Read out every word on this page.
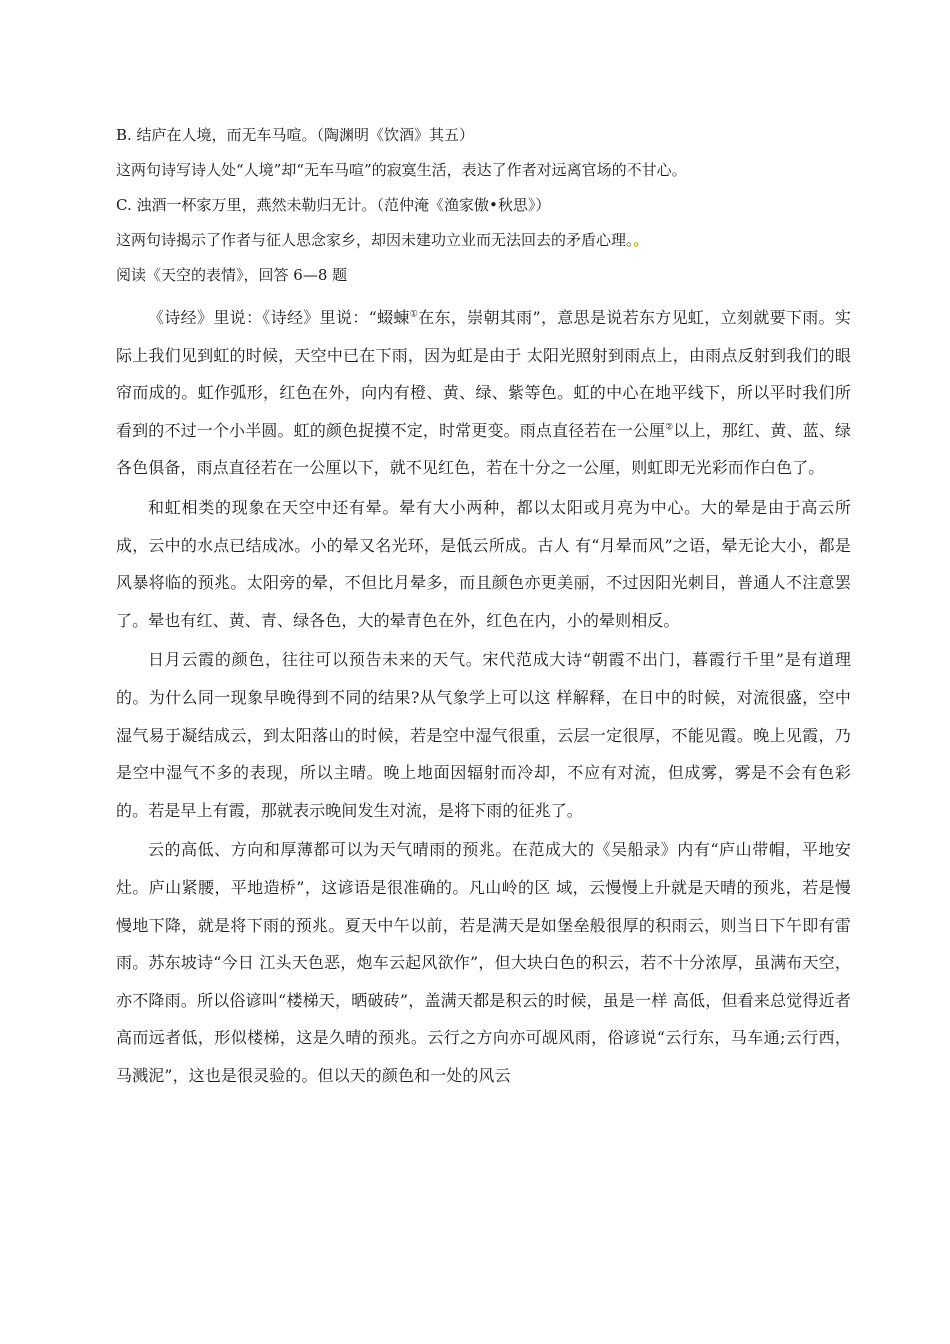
B. 结庐在人境，而无车马喧。（陶渊明《饮酒》其五）
这两句诗写诗人处“人境”却“无车马喧”的寂寞生活，表达了作者对远离官场的不甘心。
C. 浊酒一杯家万里，燕然未勒归无计。（范仲淹《渔家傲•秋思》）
这两句诗揭示了作者与征人思念家乡，却因未建功立业而无法回去的矛盾心理。。
阅读《天空的表情》，回答 6—8 题

《诗经》里说：《诗经》里说：“蝃蝀①在东，崇朝其雨”，意思是说若东方见虹，立刻就要下雨。实际上我们见到虹的时候，天空中已在下雨，因为虹是由于 太阳光照射到雨点上，由雨点反射到我们的眼帘而成的。虹作弧形，红色在外，向内有橙、黄、绿、紫等色。虹的中心在地平线下，所以平时我们所看到的不过一个小半圆。虹的颜色捉摸不定，时常更变。雨点直径若在一公厘②以上，那红、黄、蓝、绿各色俱备，雨点直径若在一公厘以下，就不见红色，若在十分之一公厘，则虹即无光彩而作白色了。

和虹相类的现象在天空中还有晕。晕有大小两种，都以太阳或月亮为中心。大的晕是由于高云所成，云中的水点已结成冰。小的晕又名光环，是低云所成。古人 有“月晕而风”之语，晕无论大小，都是风暴将临的预兆。太阳旁的晕，不但比月晕多，而且颜色亦更美丽，不过因阳光刺目，普通人不注意罢了。晕也有红、黄、青、绿各色，大的晕青色在外，红色在内，小的晕则相反。

日月云霞的颜色，往往可以预告未来的天气。宋代范成大诗“朝霞不出门，暮霞行千里”是有道理的。为什么同一现象早晚得到不同的结果?从气象学上可以这 样解释，在日中的时候，对流很盛，空中湿气易于凝结成云，到太阳落山的时候，若是空中湿气很重，云层一定很厚，不能见霞。晚上见霞，乃是空中湿气不多的表现，所以主晴。晚上地面因辐射而冷却，不应有对流，但成雾，雾是不会有色彩的。若是早上有霞，那就表示晚间发生对流，是将下雨的征兆了。

云的高低、方向和厚薄都可以为天气晴雨的预兆。在范成大的《吴船录》内有“庐山带帽，平地安灶。庐山紧腰，平地造桥”，这谚语是很准确的。凡山岭的区 域，云慢慢上升就是天晴的预兆，若是慢慢地下降，就是将下雨的预兆。夏天中午以前，若是满天是如堡垒般很厚的积雨云，则当日下午即有雷雨。苏东坡诗“今日 江头天色恶，炮车云起风欲作”，但大块白色的积云，若不十分浓厚，虽满布天空，亦不降雨。所以俗谚叫“楼梯天，晒破砖”，盖满天都是积云的时候，虽是一样 高低，但看来总觉得近者高而远者低，形似楼梯，这是久晴的预兆。云行之方向亦可觇风雨，俗谚说“云行东，马车通;云行西，马溅泥”，这也是很灵验的。但以天的颜色和一处的风云
